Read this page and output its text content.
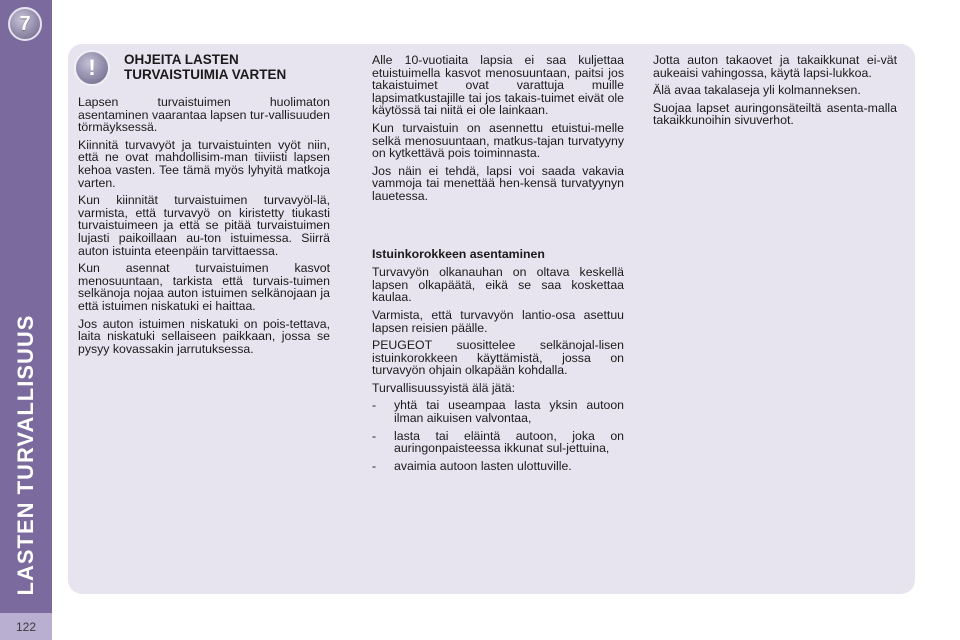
7
LASTEN TURVALLISUUS
122
! OHJEITA LASTEN TURVAISTUIMIA VARTEN

Lapsen turvaistuimen huolimaton asentaminen vaarantaa lapsen tur-vallisuuden törmäyksessä.

Kiinnitä turvavyöt ja turvaistuinten vyöt niin, että ne ovat mahdollisim-man tiiviisti lapsen kehoa vasten. Tee tämä myös lyhyitä matkoja varten.

Kun kiinnität turvaistuimen turvavyöl-lä, varmista, että turvavyö on kiristetty tiukasti turvaistuimeen ja että se pitää turvaistuimen lujasti paikoillaan au-ton istuimessa. Siirrä auton istuinta eteenpäin tarvittaessa.

Kun asennat turvaistuimen kasvot menosuuntaan, tarkista että turvais-tuimen selkänoja nojaa auton istuimen selkänojaan ja että istuimen niskatuki ei haittaa.

Jos auton istuimen niskatuki on pois-tettava, laita niskatuki sellaiseen paikkaan, jossa se pysyy kovassakin jarrutuksessa.

Alle 10-vuotiaita lapsia ei saa kuljettaa etuistuimella kasvot menosuuntaan, paitsi jos takaistuimet ovat varattuja muille lapsimatkustajille tai jos takais-tuimet eivät ole käytössä tai niitä ei ole lainkaan.

Kun turvaistuin on asennettu etuistui-melle selkä menosuuntaan, matkus-tajan turvatyyny on kytkettävä pois toiminnasta.

Jos näin ei tehdä, lapsi voi saada vakavia vammoja tai menettää hen-kensä turvatyynyn lauetessa.

Istuinkorokkeen asentaminen

Turvavyön olkanauhan on oltava keskellä lapsen olkapäätä, eikä se saa koskettaa kaulaa.

Varmista, että turvavyön lantio-osa asettuu lapsen reisien päälle.

PEUGEOT suosittelee selkänojal-lisen istuinkorokkeen käyttämistä, jossa on turvavyön ohjain olkapään kohdalla.

Turvallisuussyistä älä jätä:

- yhtä tai useampaa lasta yksin autoon ilman aikuisen valvontaa,
- lasta tai eläintä autoon, joka on auringonpaisteessa ikkunat sul-jettuina,
- avaimia autoon lasten ulottuville.

Jotta auton takaovet ja takaikkunat ei-vät aukeaisi vahingossa, käytä lapsi-lukkoa.

Älä avaa takalaseja yli kolmanneksen.

Suojaa lapset auringonsäteiltä asenta-malla takaikkunoihin sivuverhot.
